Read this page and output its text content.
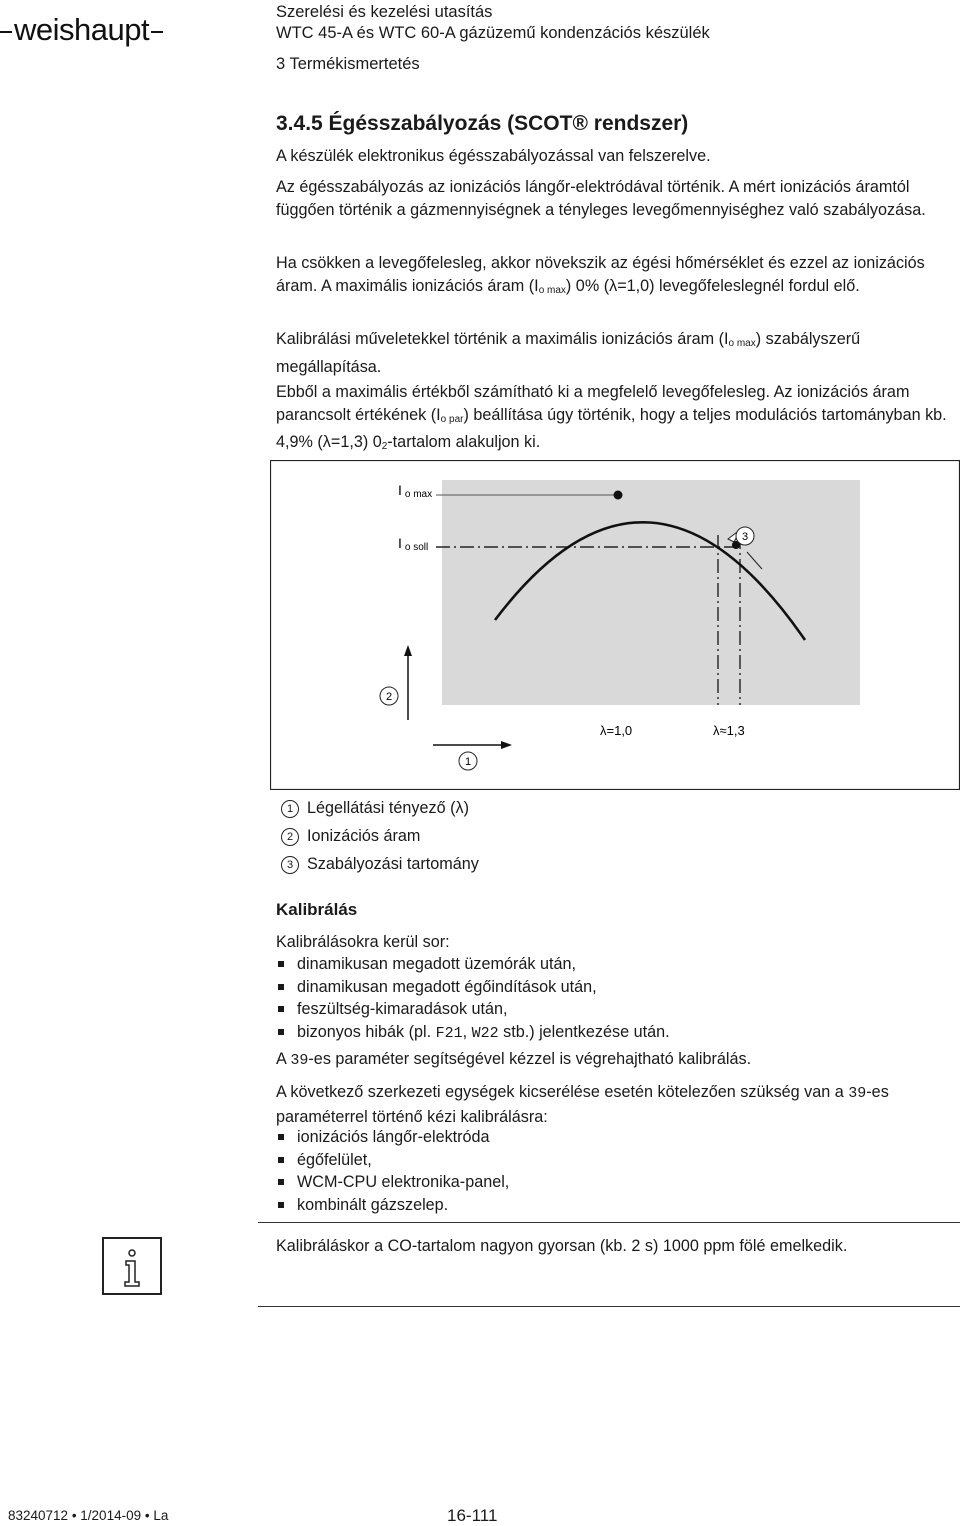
weishaupt	Szerelési és kezelési utasítás
WTC 45-A és WTC 60-A gázüzemű kondenzációs készülék
3 Termékismertetés
3.4.5 Égésszabályozás (SCOT® rendszer)
A készülék elektronikus égésszabályozással van felszerelve.
Az égésszabályozás az ionizációs lángőr-elektródával történik. A mért ionizációs áramtól függően történik a gázmennyiségnek a tényleges levegőmennyiséghez való szabályozása.
Ha csökken a levegőfelesleg, akkor növekszik az égési hőmérséklet és ezzel az ionizációs áram. A maximális ionizációs áram $(I_{o max})$ 0% (λ=1,0) levegőfeleslegnél fordul elő.
Kalibrálási műveletekkel történik a maximális ionizációs áram $(I_{o max})$ szabályszerű megállapítása.
Ebből a maximális értékből számítható ki a megfelelő levegőfelesleg. Az ionizációs áram parancsolt értékének $(I_{o par})$ beállítása úgy történik, hogy a teljes modulációs tartományban kb. 4,9% (λ=1,3) $0_2$-tartalom alakuljon ki.
3
2
1
I o max
I o soll
λ=1,0	λ≈1,3
1 Légellátási tényező (λ)
2 Ionizációs áram
3 Szabályozási tartomány
Kalibrálás
Kalibrálásokra kerül sor:
dinamikusan megadott üzemórák után,
dinamikusan megadott égőindítások után,
feszültség-kimaradások után,
bizonyos hibák (pl. F21, W22 stb.) jelentkezése után.
A 39-es paraméter segítségével kézzel is végrehajtható kalibrálás.
A következő szerkezeti egységek kicserélése esetén kötelezően szükség van a 39-es paraméterrel történő kézi kalibrálásra:
ionizációs lángőr-elektróda
égőfelület,
WCM-CPU elektronika-panel,
kombinált gázszelep.
Kalibráláskor a CO-tartalom nagyon gyorsan (kb. 2 s) 1000 ppm fölé emelkedik.
83240712 • 1/2014-09 • La	16-111
